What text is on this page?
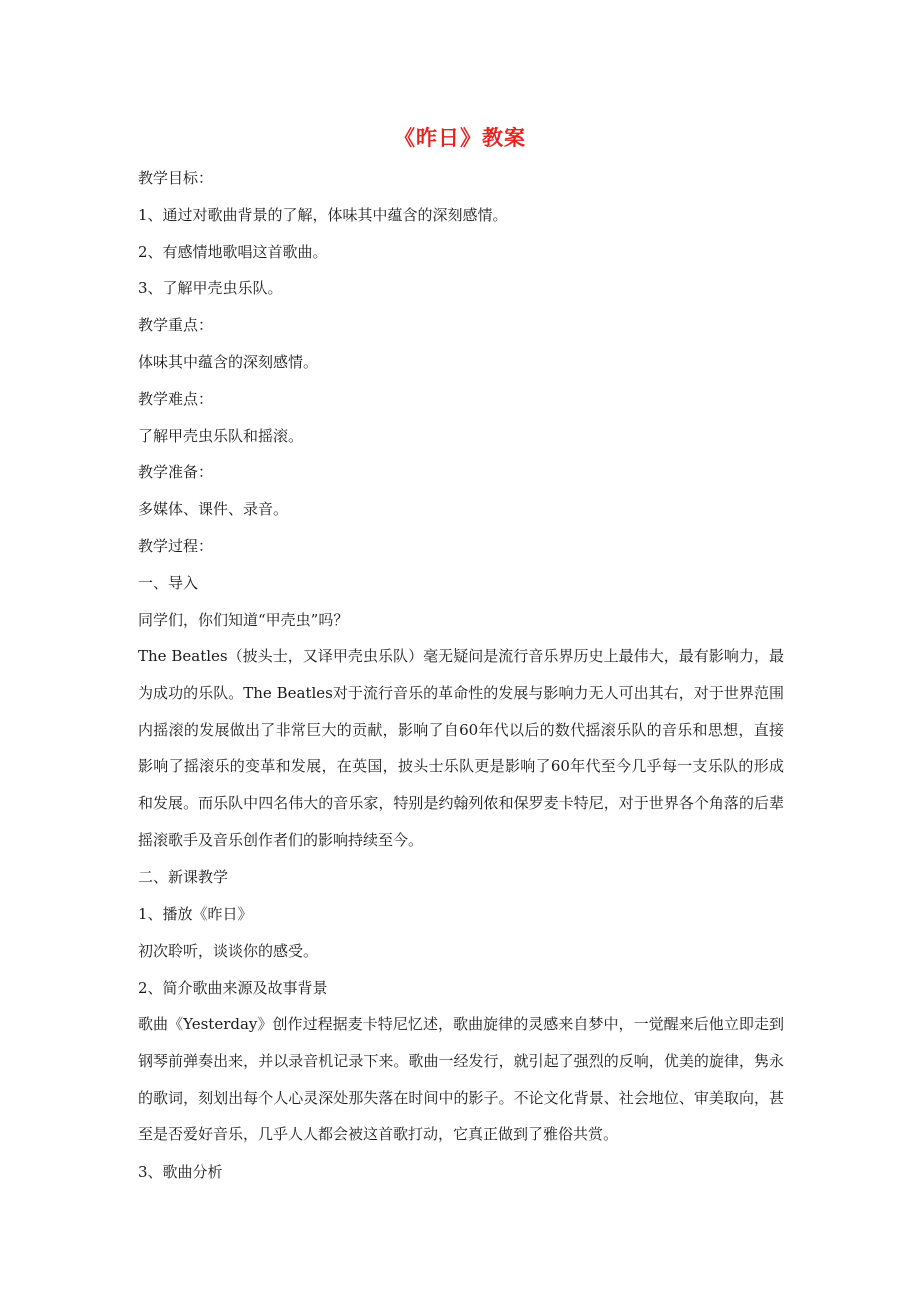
《昨日》教案
教学目标：
1、通过对歌曲背景的了解，体味其中蕴含的深刻感情。
2、有感情地歌唱这首歌曲。
3、了解甲壳虫乐队。
教学重点：
体味其中蕴含的深刻感情。
教学难点：
了解甲壳虫乐队和摇滚。
教学准备：
多媒体、课件、录音。
教学过程：
一、导入
同学们，你们知道“甲壳虫”吗？
The Beatles（披头士，又译甲壳虫乐队）毫无疑问是流行音乐界历史上最伟大，最有影响力，最为成功的乐队。The Beatles对于流行音乐的革命性的发展与影响力无人可出其右，对于世界范围内摇滚的发展做出了非常巨大的贡献，影响了自60年代以后的数代摇滚乐队的音乐和思想，直接影响了摇滚乐的变革和发展，在英国，披头士乐队更是影响了60年代至今几乎每一支乐队的形成和发展。而乐队中四名伟大的音乐家，特别是约翰列侬和保罗麦卡特尼，对于世界各个角落的后辈摇滚歌手及音乐创作者们的影响持续至今。
二、新课教学
1、播放《昨日》
初次聆听，谈谈你的感受。
2、简介歌曲来源及故事背景
歌曲《Yesterday》创作过程据麦卡特尼忆述，歌曲旋律的灵感来自梦中，一觉醒来后他立即走到钢琴前弹奏出来，并以录音机记录下来。歌曲一经发行，就引起了强烈的反响，优美的旋律，隽永的歌词，刻划出每个人心灵深处那失落在时间中的影子。不论文化背景、社会地位、审美取向，甚至是否爱好音乐，几乎人人都会被这首歌打动，它真正做到了雅俗共赏。
3、歌曲分析
